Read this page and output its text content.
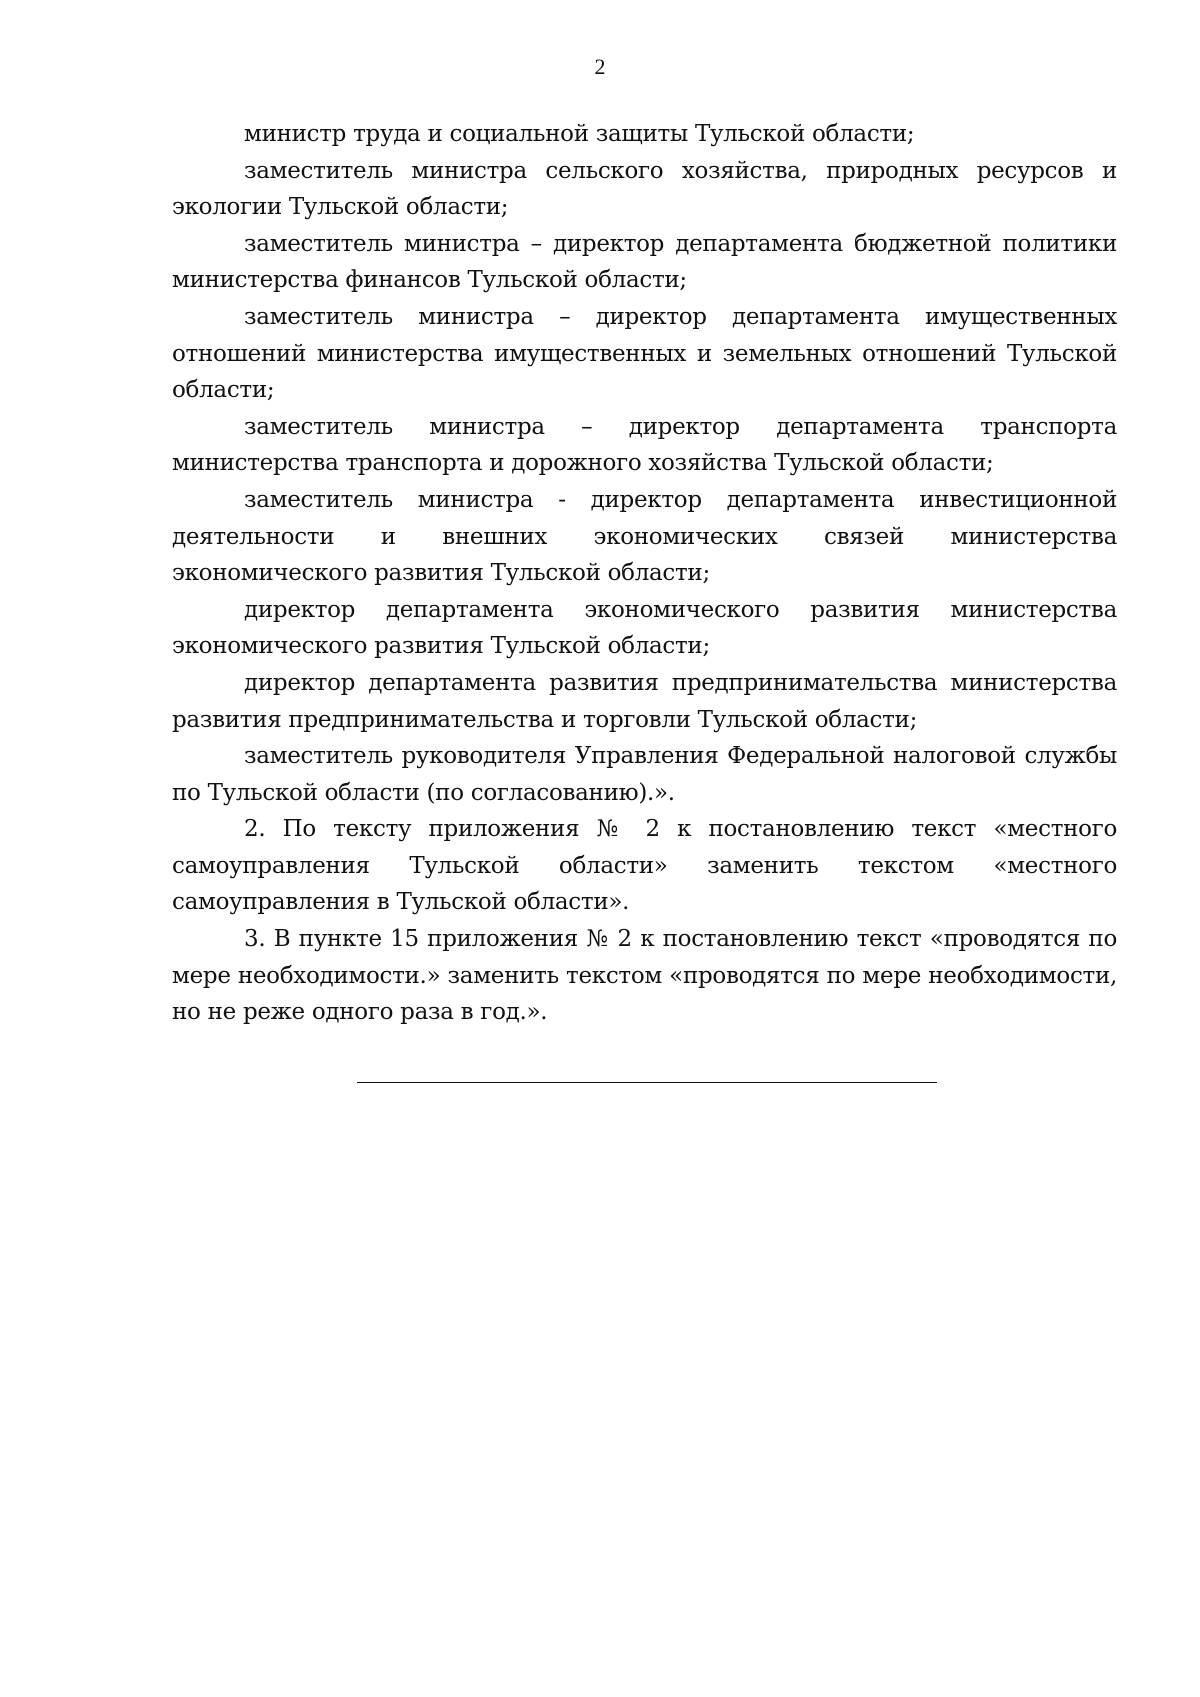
2

министр труда и социальной защиты Тульской области;

заместитель министра сельского хозяйства, природных ресурсов и экологии Тульской области;

заместитель министра – директор департамента бюджетной политики министерства финансов Тульской области;

заместитель министра – директор департамента имущественных отношений министерства имущественных и земельных отношений Тульской области;

заместитель министра – директор департамента транспорта министерства транспорта и дорожного хозяйства Тульской области;

заместитель министра - директор департамента инвестиционной деятельности и внешних экономических связей министерства экономического развития Тульской области;

директор департамента экономического развития министерства экономического развития Тульской области;

директор департамента развития предпринимательства министерства развития предпринимательства и торговли Тульской области;

заместитель руководителя Управления Федеральной налоговой службы по Тульской области (по согласованию).».

2. По тексту приложения № 2 к постановлению текст «местного самоуправления Тульской области» заменить текстом «местного самоуправления в Тульской области».

3. В пункте 15 приложения № 2 к постановлению текст «проводятся по мере необходимости.» заменить текстом «проводятся по мере необходимости, но не реже одного раза в год.».
